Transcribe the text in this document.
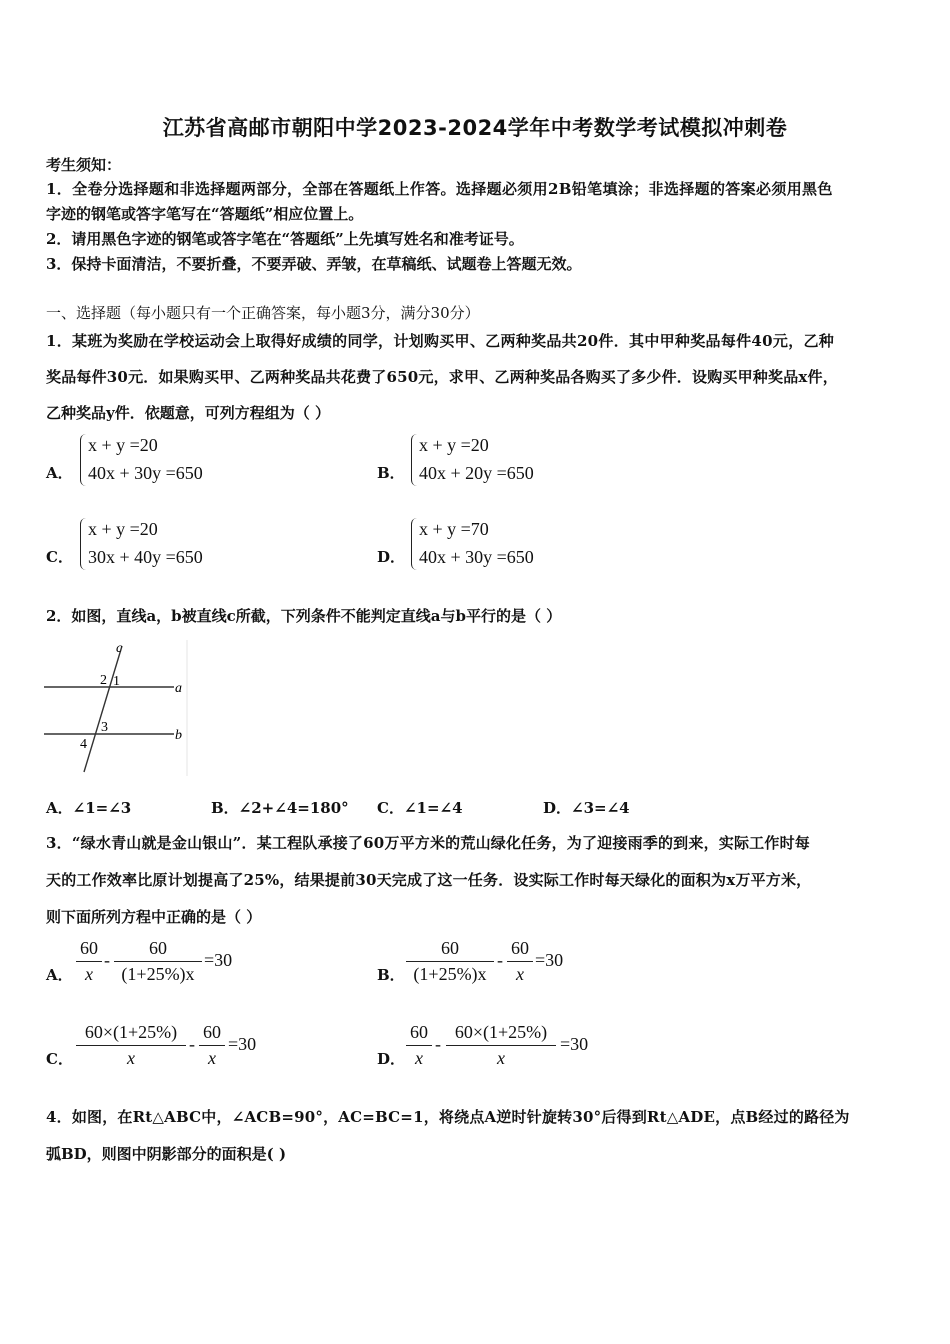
江苏省高邮市朝阳中学2023-2024学年中考数学考试模拟冲刺卷
考生须知：
1．全卷分选择题和非选择题两部分，全部在答题纸上作答。选择题必须用2B铅笔填涂；非选择题的答案必须用黑色
字迹的钢笔或答字笔写在“答题纸”相应位置上。
2．请用黑色字迹的钢笔或答字笔在“答题纸”上先填写姓名和准考证号。
3．保持卡面清洁，不要折叠，不要弄破、弄皱，在草稿纸、试题卷上答题无效。
一、选择题（每小题只有一个正确答案，每小题3分，满分30分）
1．某班为奖励在学校运动会上取得好成绩的同学，计划购买甲、乙两种奖品共20件．其中甲种奖品每件40元，乙种
奖品每件30元．如果购买甲、乙两种奖品共花费了650元，求甲、乙两种奖品各购买了多少件．设购买甲种奖品x件，
乙种奖品y件．依题意，可列方程组为（ ）
A．
x + y =20
40x + 30y =650	B．
x + y =20
40x + 20y =650
C．
x + y =20
30x + 40y =650	D．
x + y =70
40x + 30y =650
2．如图，直线a，b被直线c所截，下列条件不能判定直线a与b平行的是（ ）
c
a
b
2 1
3
4
A．∠1=∠3	B．∠2+∠4=180° C．∠1=∠4	D．∠3=∠4
3．“绿水青山就是金山银山”．某工程队承接了60万平方米的荒山绿化任务，为了迎接雨季的到来，实际工作时每
天的工作效率比原计划提高了25%，结果提前30天完成了这一任务．设实际工作时每天绿化的面积为x万平方米，
则下面所列方程中正确的是（ ）
A． $\frac{60}{x} - \frac{60}{(1+25\%)x} =30$
B． $\frac{60}{(1+25\%)x} - \frac{60}{x} =30$
C． $\frac{60\times(1+25\%)}{x} - \frac{60}{x} =30$
D． $\frac{60}{x} - \frac{60\times(1+25\%)}{x} =30$
4．如图，在Rt△ABC中，∠ACB=90°，AC=BC=1，将绕点A逆时针旋转30°后得到Rt△ADE，点B经过的路径为
弧BD，则图中阴影部分的面积是( )
